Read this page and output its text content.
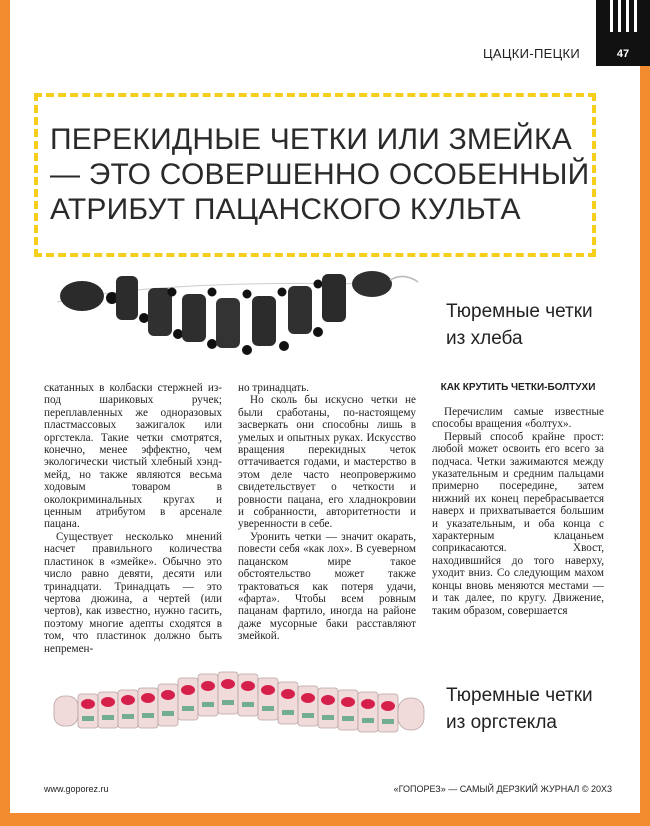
47
ЦАЦКИ-ПЕЦКИ
ПЕРЕКИДНЫЕ ЧЕТКИ ИЛИ ЗМЕЙКА — ЭТО СОВЕРШЕННО ОСОБЕННЫЙ АТРИБУТ ПАЦАНСКОГО КУЛЬТА
Тюремные четки из хлеба

скатанных в колбаски стержней из-под шариковых ручек; переплавленных же одноразовых пластмассовых зажигалок или оргстекла. Такие четки смотрятся, конечно, менее эффектно, чем экологически чистый хлебный хэнд-мейд, но также являются весьма ходовым товаром в околокриминальных кругах и ценным атрибутом в арсенале пацана.

Существует несколько мнений насчет правильного количества пластинок в «змейке». Обычно это число равно девяти, десяти или тринадцати. Тринадцать — это чертова дюжина, а чертей (или чертов), как известно, нужно гасить, поэтому многие адепты сходятся в том, что пластинок должно быть непремен-

но тринадцать.

Но сколь бы искусно четки не были сработаны, по-настоящему засверкать они способны лишь в умелых и опытных руках. Искусство вращения перекидных четок оттачивается годами, и мастерство в этом деле часто неопровержимо свидетельствует о четкости и ровности пацана, его хладнокровии и собранности, авторитетности и уверенности в себе.

Уронить четки — значит окарать, повести себя «как лох». В суеверном пацанском мире такое обстоятельство может также трактоваться как потеря удачи, «фарта». Чтобы всем ровным пацанам фартило, иногда на районе даже мусорные баки расставляют змейкой.

КАК КРУТИТЬ ЧЕТКИ-БОЛТУХИ

Перечислим самые известные способы вращения «болтух».

Первый способ крайне прост: любой может освоить его всего за подчаса. Четки зажимаются между указательным и средним пальцами примерно посередине, затем нижний их конец перебрасывается наверх и прихватывается большим и указательным, и оба конца с характерным клацаньем соприкасаются. Хвост, находившийся до того наверху, уходит вниз. Со следующим махом концы вновь меняются местами — и так далее, по кругу. Движение, таким образом, совершается

Тюремные четки из оргстекла
www.goporez.ru	«ГОПОРЕЗ» — САМЫЙ ДЕРЗКИЙ ЖУРНАЛ © 20X3
